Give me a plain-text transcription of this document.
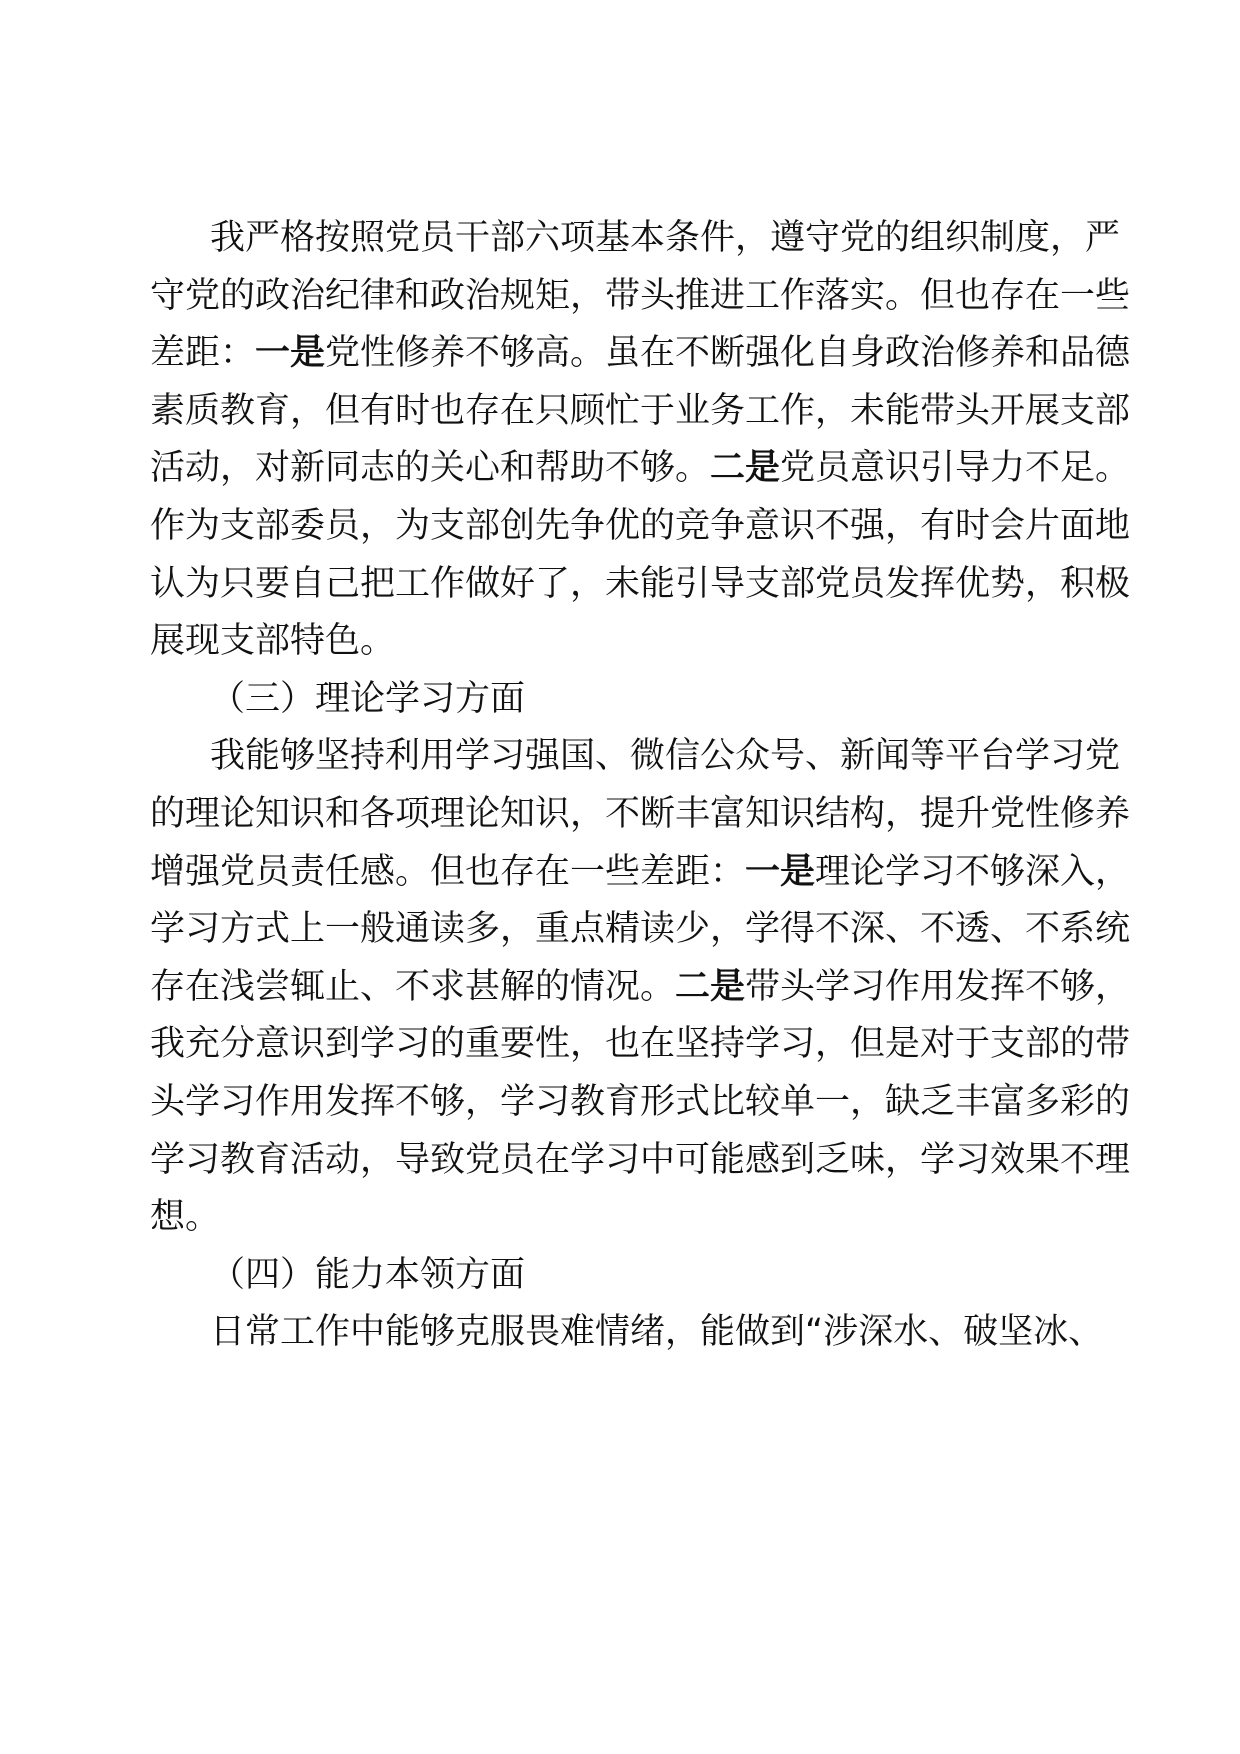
我严格按照党员干部六项基本条件，遵守党的组织制度，严
守党的政治纪律和政治规矩，带头推进工作落实。但也存在一些
差距：一是党性修养不够高。虽在不断强化自身政治修养和品德
素质教育，但有时也存在只顾忙于业务工作，未能带头开展支部
活动，对新同志的关心和帮助不够。二是党员意识引导力不足。
作为支部委员，为支部创先争优的竞争意识不强，有时会片面地
认为只要自己把工作做好了，未能引导支部党员发挥优势，积极
展现支部特色。
（三）理论学习方面
我能够坚持利用学习强国、微信公众号、新闻等平台学习党
的理论知识和各项理论知识，不断丰富知识结构，提升党性修养
增强党员责任感。但也存在一些差距：一是理论学习不够深入，
学习方式上一般通读多，重点精读少，学得不深、不透、不系统
存在浅尝辄止、不求甚解的情况。二是带头学习作用发挥不够，
我充分意识到学习的重要性，也在坚持学习，但是对于支部的带
头学习作用发挥不够，学习教育形式比较单一，缺乏丰富多彩的
学习教育活动，导致党员在学习中可能感到乏味，学习效果不理
想。
（四）能力本领方面
日常工作中能够克服畏难情绪，能做到“涉深水、破坚冰、
